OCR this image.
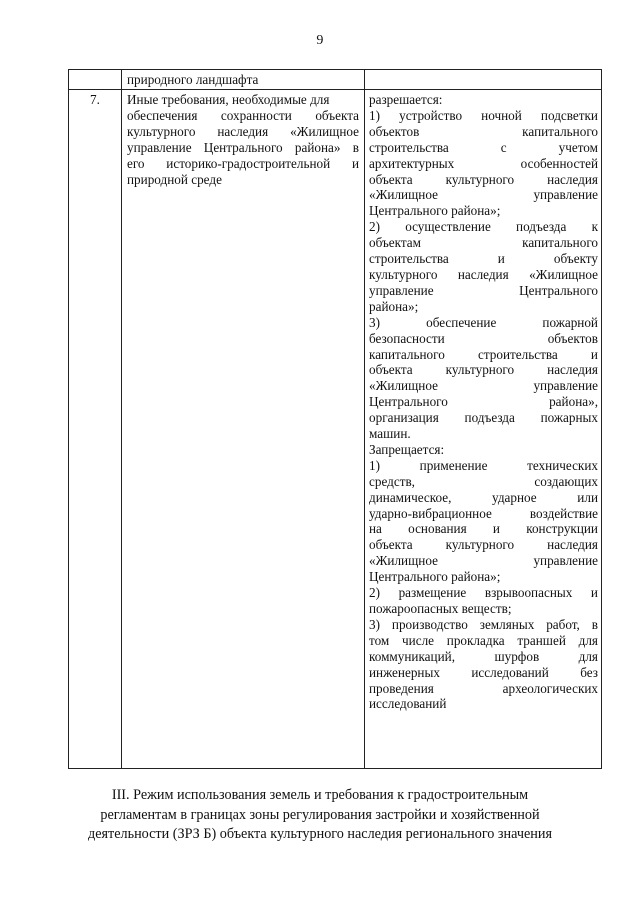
9
природного ландшафта
7.	Иные требования, необходимые для
обеспечения сохранности объекта
культурного наследия «Жилищное
управление Центрального района» в
его историко-градостроительной и
природной среде
разрешается:
1) устройство ночной подсветки
объектов капитального
строительства с учетом
архитектурных особенностей
объекта культурного наследия
«Жилищное управление
Центрального района»;
2) осуществление подъезда к
объектам капитального
строительства и объекту
культурного наследия «Жилищное
управление Центрального
района»;
3) обеспечение пожарной
безопасности объектов
капитального строительства и
объекта культурного наследия
«Жилищное управление
Центрального района»,
организация подъезда пожарных
машин.
Запрещается:
1) применение технических
средств, создающих
динамическое, ударное или
ударно-вибрационное воздействие
на основания и конструкции
объекта культурного наследия
«Жилищное управление
Центрального района»;
2) размещение взрывоопасных и
пожароопасных веществ;
3) производство земляных работ, в
том числе прокладка траншей для
коммуникаций, шурфов для
инженерных исследований без
проведения археологических
исследований
III. Режим использования земель и требования к градостроительным
регламентам в границах зоны регулирования застройки и хозяйственной
деятельности (ЗРЗ Б) объекта культурного наследия регионального значения
